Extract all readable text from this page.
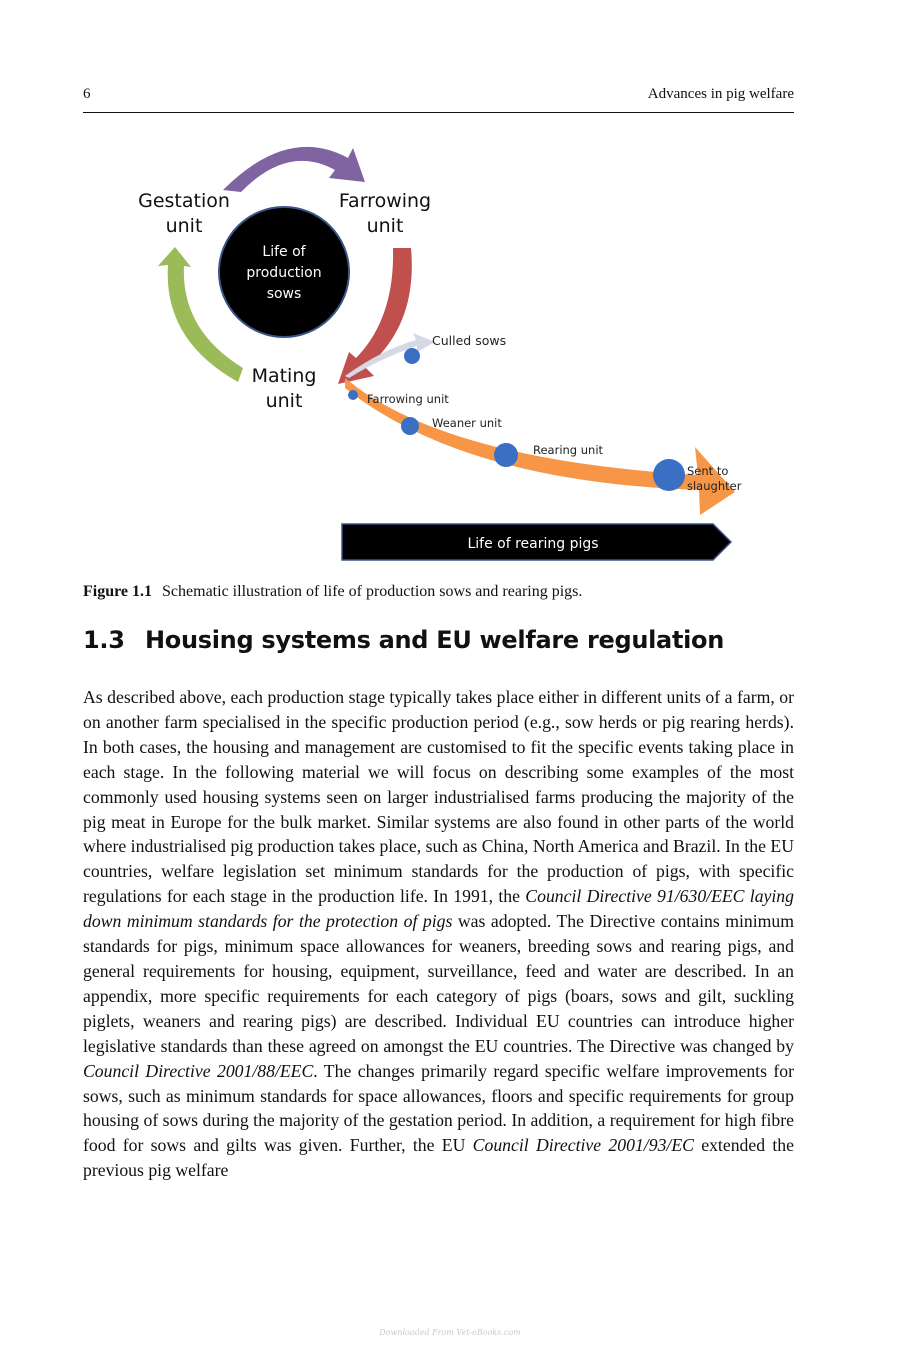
6	Advances in pig welfare
Life of
production
sows
Gestation
unit
Farrowing
unit
Mating
unit
Culled sows
Farrowing unit
Weaner unit
Rearing unit
Sent to
slaughter
Life of rearing pigs
Figure 1.1 Schematic illustration of life of production sows and rearing pigs.
1.3 Housing systems and EU welfare regulation

As described above, each production stage typically takes place either in different units of a farm, or on another farm specialised in the specific production period (e.g., sow herds or pig rearing herds). In both cases, the housing and management are customised to fit the specific events taking place in each stage. In the following material we will focus on describing some examples of the most commonly used housing systems seen on larger industrialised farms producing the majority of the pig meat in Europe for the bulk market. Similar systems are also found in other parts of the world where industrialised pig production takes place, such as China, North America and Brazil. In the EU countries, welfare legislation set minimum standards for the production of pigs, with specific regulations for each stage in the production life. In 1991, the Council Directive 91/630/EEC laying down minimum standards for the protection of pigs was adopted. The Directive contains minimum standards for pigs, minimum space allowances for weaners, breeding sows and rearing pigs, and general requirements for housing, equipment, surveillance, feed and water are described. In an appendix, more specific requirements for each category of pigs (boars, sows and gilt, suckling piglets, weaners and rearing pigs) are described. Individual EU countries can introduce higher legislative standards than these agreed on amongst the EU countries. The Directive was changed by Council Directive 2001/88/EEC. The changes primarily regard specific welfare improvements for sows, such as minimum standards for space allowances, floors and specific requirements for group housing of sows during the majority of the gestation period. In addition, a requirement for high fibre food for sows and gilts was given. Further, the EU Council Directive 2001/93/EC extended the previous pig welfare

Downloaded From Vet-eBooks.com
